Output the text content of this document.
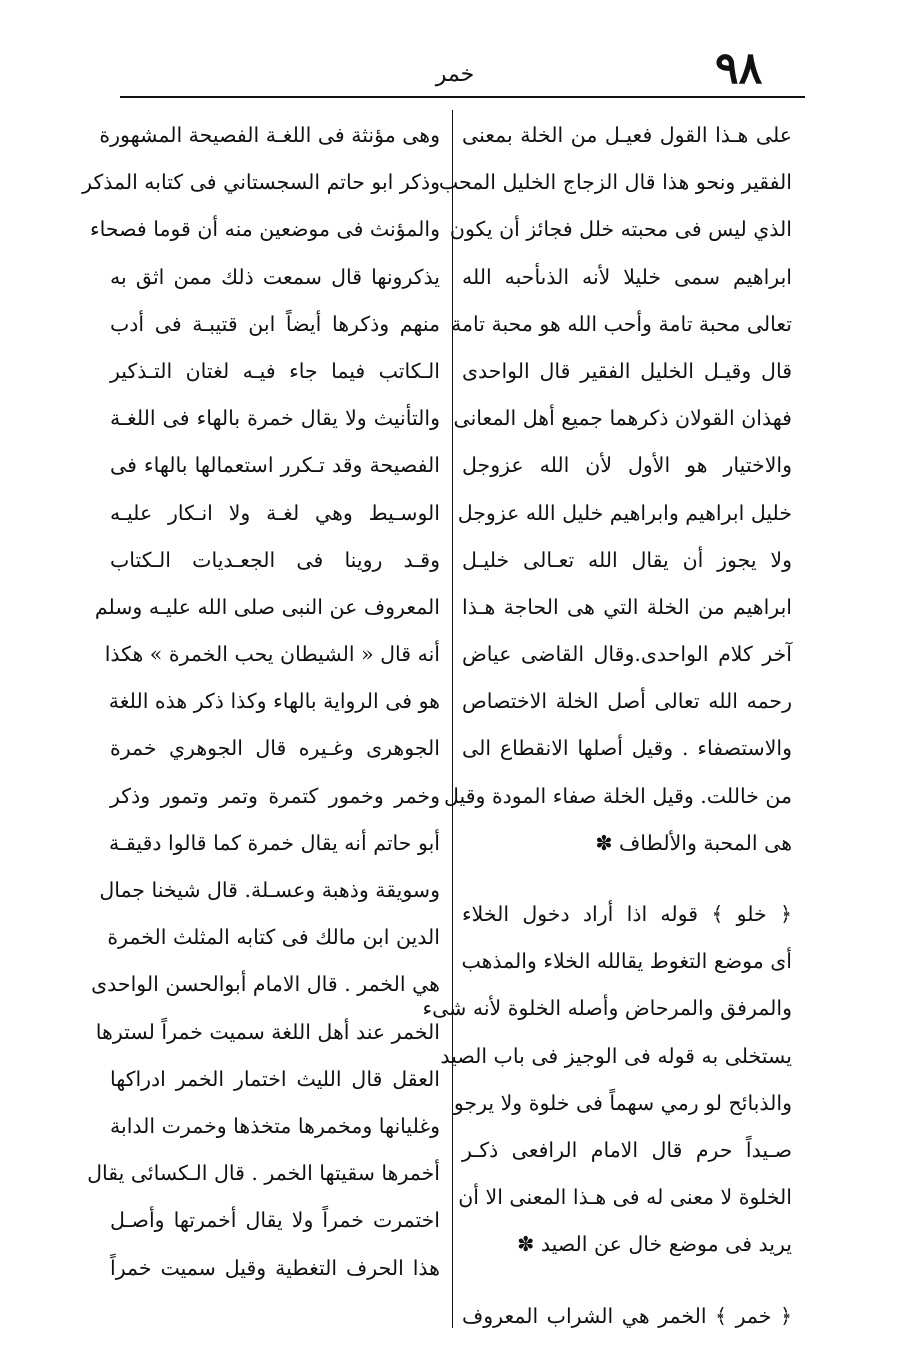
٩٨
خمر
على هـذا القول فعيـل من الخلة بمعنى
الفقير ونحو هذا قال الزجاج الخليل المحب
الذي ليس فى محبته خلل فجائز أن يكون
ابراهيم سمى خليلا لأنه الذىأحبه الله
تعالى محبة تامة وأحب الله هو محبة تامة
قال وقيـل الخليل الفقير قال الواحدى
فهذان القولان ذكرهما جميع أهل المعانى
والاختيار هو الأول لأن الله عزوجل
خليل ابراهيم وابراهيم خليل الله عزوجل
ولا يجوز أن يقال الله تعـالى خليـل
ابراهيم من الخلة التي هى الحاجة هـذا
آخر كلام الواحدى.وقال القاضى عياض
رحمه الله تعالى أصل الخلة الاختصاص
والاستصفاء . وقيل أصلها الانقطاع الى
من خاللت. وقيل الخلة صفاء المودة وقيل
هى المحبة والألطاف ✽
﴿ خلو ﴾ قوله اذا أراد دخول الخلاء
أى موضع التغوط يقالله الخلاء والمذهب
والمرفق والمرحاض وأصله الخلوة لأنه شىء
يستخلى به قوله فى الوجيز فى باب الصيد
والذبائح لو رمي سهماً فى خلوة ولا يرجو
صـيداً حرم قال الامام الرافعى ذكـر
الخلوة لا معنى له فى هـذا المعنى الا أن
يريد فى موضع خال عن الصيد ✽
﴿ خمر ﴾ الخمر هي الشراب المعروف
وهى مؤنثة فى اللغـة الفصيحة المشهورة
وذكر ابو حاتم السجستاني فى كتابه المذكر
والمؤنث فى موضعين منه أن قوما فصحاء
يذكرونها قال سمعت ذلك ممن اثق به
منهم وذكرها أيضاً ابن قتيبـة فى أدب
الـكاتب فيما جاء فيـه لغتان التـذكير
والتأنيث ولا يقال خمرة بالهاء فى اللغـة
الفصيحة وقد تـكرر استعمالها بالهاء فى
الوسـيط وهي لغـة ولا انـكار عليـه
وقـد روينا فى الجعـديات الـكتاب
المعروف عن النبى صلى الله عليـه وسلم
أنه قال « الشيطان يحب الخمرة » هكذا
هو فى الرواية بالهاء وكذا ذكر هذه اللغة
الجوهرى وغـيره قال الجوهري خمرة
وخمر وخمور كتمرة وتمر وتمور وذكر
أبو حاتم أنه يقال خمرة كما قالوا دقيقـة
وسويقة وذهبة وعسـلة. قال شيخنا جمال
الدين ابن مالك فى كتابه المثلث الخمرة
هي الخمر . قال الامام أبوالحسن الواحدى
الخمر عند أهل اللغة سميت خمراً لسترها
العقل قال الليث اختمار الخمر ادراكها
وغليانها ومخمرها متخذها وخمرت الدابة
أخمرها سقيتها الخمر . قال الـكسائى يقال
اختمرت خمراً ولا يقال أخمرتها وأصـل
هذا الحرف التغطية وقيل سميت خمراً
